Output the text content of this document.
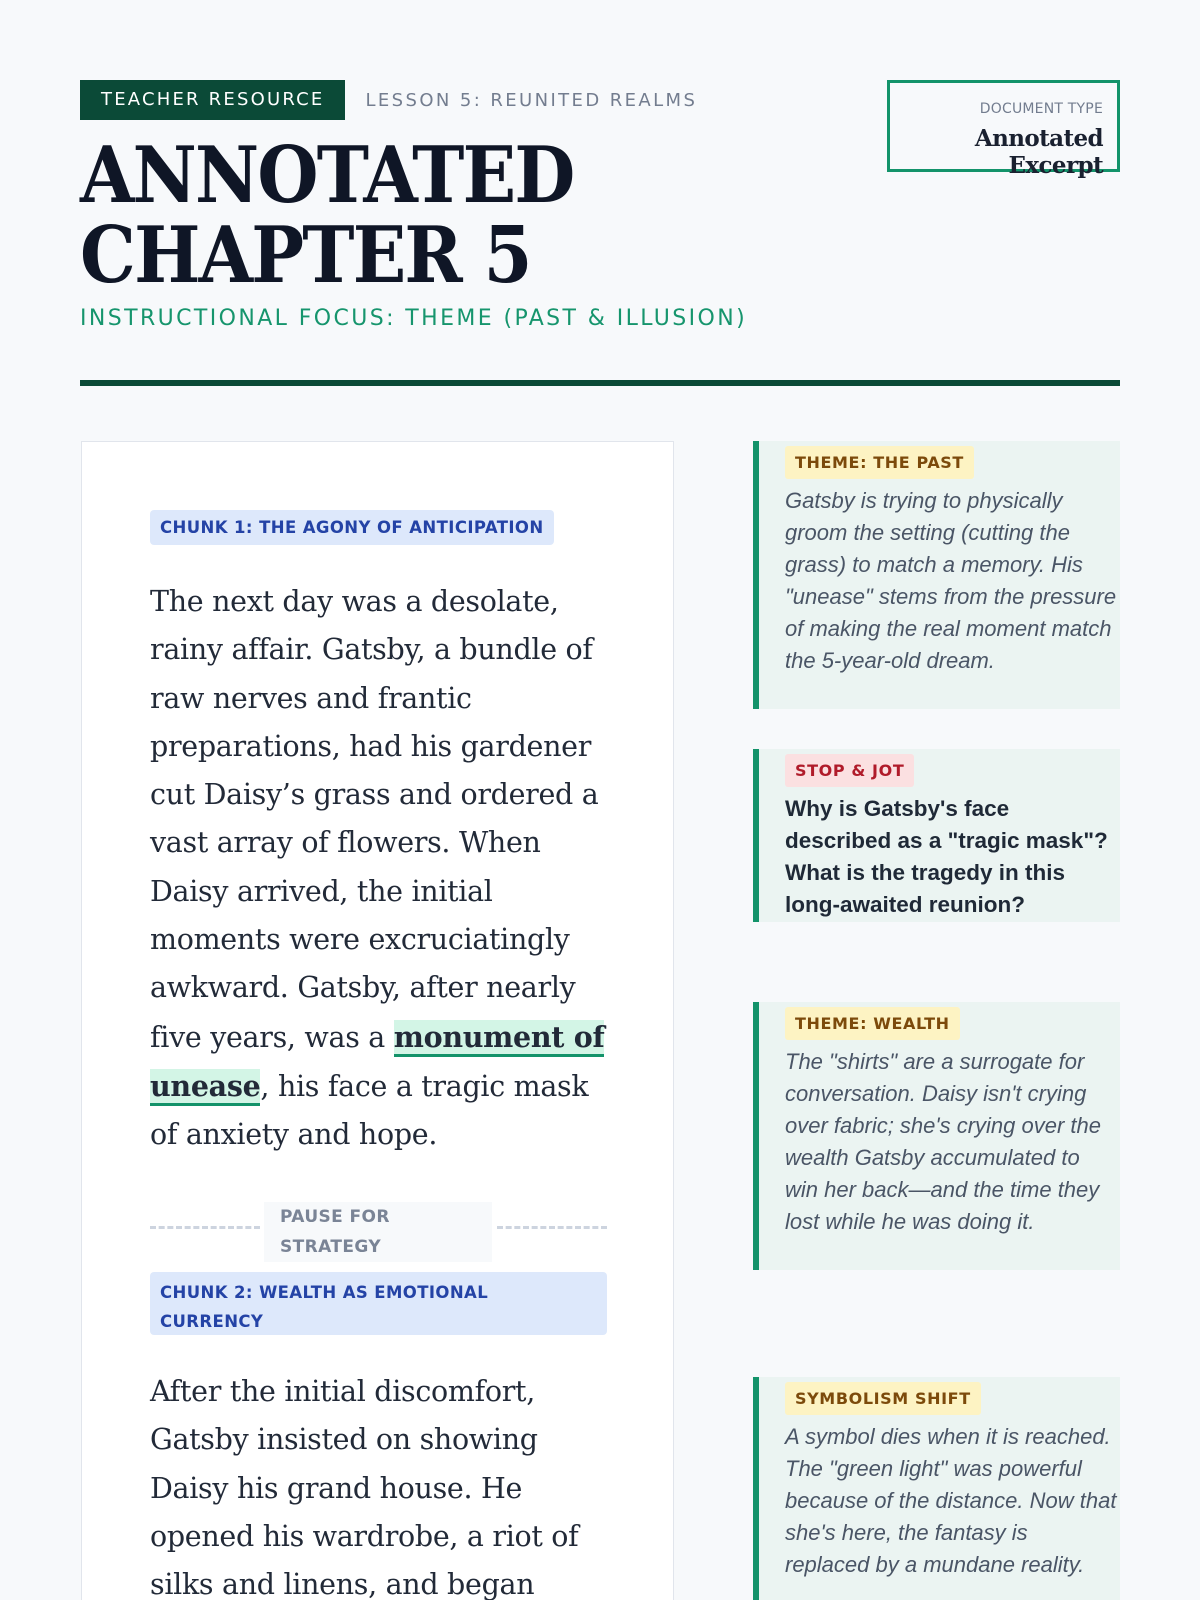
TEACHER RESOURCE	LESSON 5: REUNITED REALMS	DOCUMENT TYPE
Annotated Excerpt
ANNOTATED
CHAPTER 5
INSTRUCTIONAL FOCUS: THEME (PAST & ILLUSION)
CHUNK 1: THE AGONY OF ANTICIPATION

The next day was a desolate, rainy affair. Gatsby, a bundle of raw nerves and frantic preparations, had his gardener cut Daisy’s grass and ordered a vast array of flowers. When Daisy arrived, the initial moments were excruciatingly awkward. Gatsby, after nearly five years, was a monument of unease, his face a tragic mask of anxiety and hope.

PAUSE FOR STRATEGY
CHUNK 2: WEALTH AS EMOTIONAL CURRENCY

After the initial discomfort, Gatsby insisted on showing Daisy his grand house. He opened his wardrobe, a riot of silks and linens, and began

THEME: THE PAST

Gatsby is trying to physically groom the setting (cutting the grass) to match a memory. His "unease" stems from the pressure of making the real moment match the 5-year-old dream.

STOP & JOT

Why is Gatsby's face described as a "tragic mask"? What is the tragedy in this long-awaited reunion?

THEME: WEALTH

The "shirts" are a surrogate for conversation. Daisy isn't crying over fabric; she's crying over the wealth Gatsby accumulated to win her back—and the time they lost while he was doing it.

SYMBOLISM SHIFT

A symbol dies when it is reached. The "green light" was powerful because of the distance. Now that she's here, the fantasy is replaced by a mundane reality.
